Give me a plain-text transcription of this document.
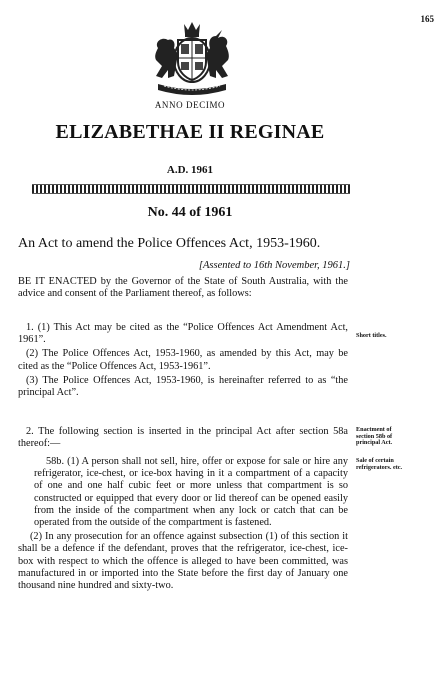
165
ANNO DECIMO
ELIZABETHAE II REGINAE
A.D. 1961
No. 44 of 1961
An Act to amend the Police Offences Act, 1953-1960.
[Assented to 16th November, 1961.]

BE IT ENACTED by the Governor of the State of South Australia, with the advice and consent of the Parliament thereof, as follows:

1. (1) This Act may be cited as the “Police Offences Act Amendment Act, 1961”.

(2) The Police Offences Act, 1953-1960, as amended by this Act, may be cited as the “Police Offences Act, 1953-1961”.

(3) The Police Offences Act, 1953-1960, is hereinafter referred to as “the principal Act”.

2. The following section is inserted in the principal Act after section 58a thereof:—

58b. (1) A person shall not sell, hire, offer or expose for sale or hire any refrigerator, ice-chest, or ice-box having in it a compartment of a capacity of one and one half cubic feet or more unless that compartment is so constructed or equipped that every door or lid thereof can be opened easily from the inside of the compartment when any lock or catch that can be operated from the outside of the compartment is fastened.

(2) In any prosecution for an offence against subsection (1) of this section it shall be a defence if the defendant, proves that the refrigerator, ice-chest, ice-box with respect to which the offence is alleged to have been committed, was manufactured in or imported into the State before the first day of January one thousand nine hundred and sixty-two.

Short titles.
Enactment of section 58b of principal Act.
Sale of certain refrigerators. etc.
